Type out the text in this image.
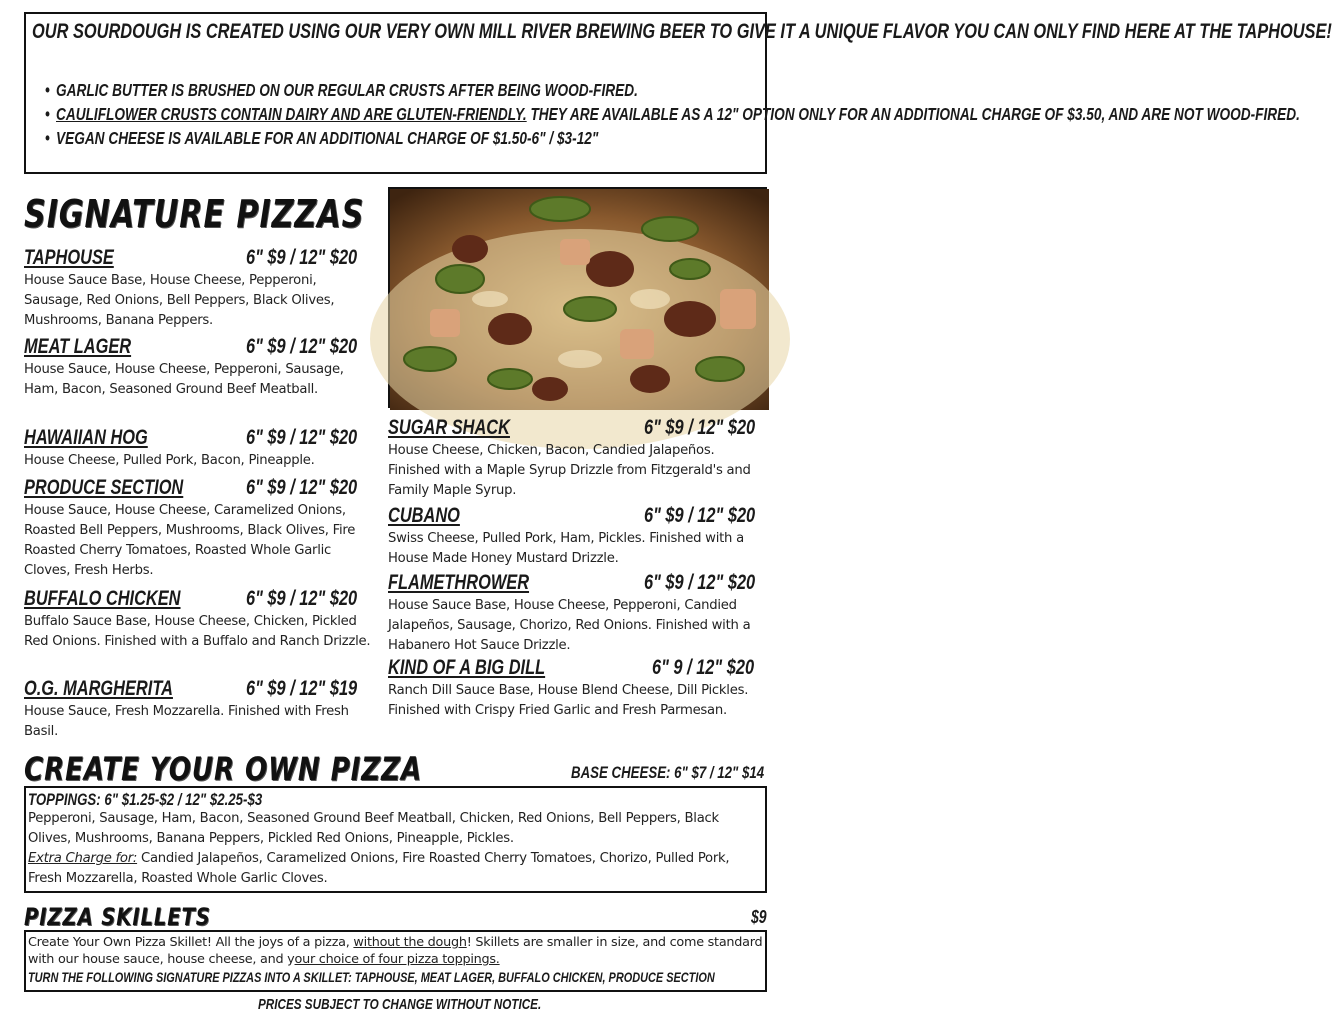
OUR SOURDOUGH IS CREATED USING OUR VERY OWN MILL RIVER BREWING BEER TO GIVE IT A UNIQUE FLAVOR YOU CAN ONLY FIND HERE AT THE TAPHOUSE!
• GARLIC BUTTER IS BRUSHED ON OUR REGULAR CRUSTS AFTER BEING WOOD-FIRED.
• CAULIFLOWER CRUSTS CONTAIN DAIRY AND ARE GLUTEN-FRIENDLY. THEY ARE AVAILABLE AS A 12" OPTION ONLY FOR AN ADDITIONAL CHARGE OF $3.50, AND ARE NOT WOOD-FIRED.
• VEGAN CHEESE IS AVAILABLE FOR AN ADDITIONAL CHARGE OF $1.50-6" / $3-12"
SIGNATURE PIZZAS
TAPHOUSE	6" $9 / 12" $20
House Sauce Base, House Cheese, Pepperoni, Sausage, Red Onions, Bell Peppers, Black Olives, Mushrooms, Banana Peppers.
MEAT LAGER	6" $9 / 12" $20
House Sauce, House Cheese, Pepperoni, Sausage, Ham, Bacon, Seasoned Ground Beef Meatball.
HAWAIIAN HOG	6" $9 / 12" $20
House Cheese, Pulled Pork, Bacon, Pineapple.
PRODUCE SECTION	6" $9 / 12" $20
House Sauce, House Cheese, Caramelized Onions, Roasted Bell Peppers, Mushrooms, Black Olives, Fire Roasted Cherry Tomatoes, Roasted Whole Garlic Cloves, Fresh Herbs.
BUFFALO CHICKEN	6" $9 / 12" $20
Buffalo Sauce Base, House Cheese, Chicken, Pickled Red Onions. Finished with a Buffalo and Ranch Drizzle.
O.G. MARGHERITA	6" $9 / 12" $19
House Sauce, Fresh Mozzarella. Finished with Fresh Basil.
SUGAR SHACK	6" $9 / 12" $20
House Cheese, Chicken, Bacon, Candied Jalapeños. Finished with a Maple Syrup Drizzle from Fitzgerald's and Family Maple Syrup.
CUBANO	6" $9 / 12" $20
Swiss Cheese, Pulled Pork, Ham, Pickles. Finished with a House Made Honey Mustard Drizzle.
FLAMETHROWER	6" $9 / 12" $20
House Sauce Base, House Cheese, Pepperoni, Candied Jalapeños, Sausage, Chorizo, Red Onions. Finished with a Habanero Hot Sauce Drizzle.
KIND OF A BIG DILL	6" 9 / 12" $20
Ranch Dill Sauce Base, House Blend Cheese, Dill Pickles. Finished with Crispy Fried Garlic and Fresh Parmesan.
CREATE YOUR OWN PIZZA	BASE CHEESE: 6" $7 / 12" $14
TOPPINGS: 6" $1.25-$2 / 12" $2.25-$3
Pepperoni, Sausage, Ham, Bacon, Seasoned Ground Beef Meatball, Chicken, Red Onions, Bell Peppers, Black Olives, Mushrooms, Banana Peppers, Pickled Red Onions, Pineapple, Pickles.
Extra Charge for: Candied Jalapeños, Caramelized Onions, Fire Roasted Cherry Tomatoes, Chorizo, Pulled Pork, Fresh Mozzarella, Roasted Whole Garlic Cloves.
PIZZA SKILLETS	$9
Create Your Own Pizza Skillet! All the joys of a pizza, without the dough! Skillets are smaller in size, and come standard with our house sauce, house cheese, and your choice of four pizza toppings.
TURN THE FOLLOWING SIGNATURE PIZZAS INTO A SKILLET: TAPHOUSE, MEAT LAGER, BUFFALO CHICKEN, PRODUCE SECTION
PRICES SUBJECT TO CHANGE WITHOUT NOTICE.
